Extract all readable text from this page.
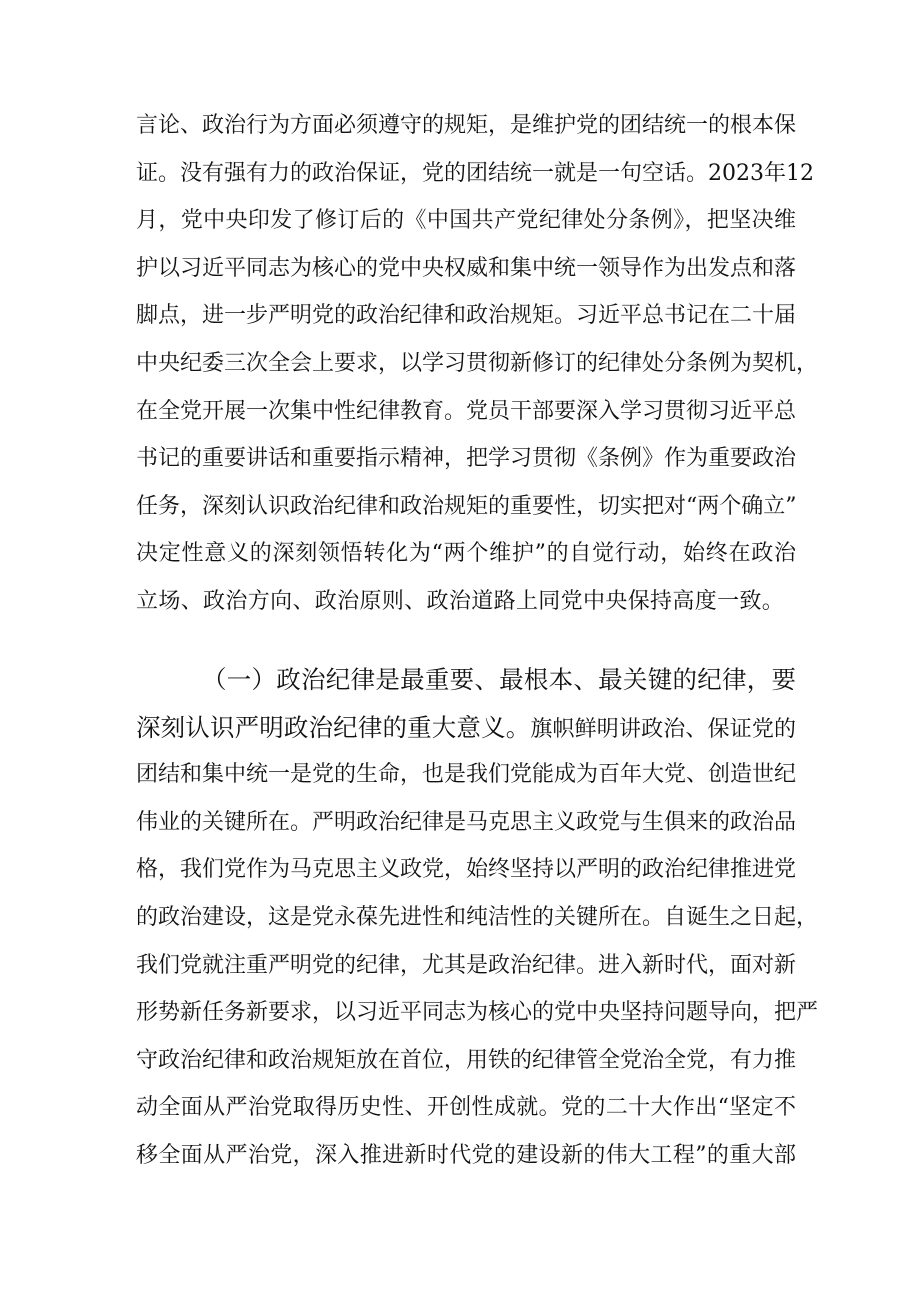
言论、政治行为方面必须遵守的规矩，是维护党的团结统一的根本保
证。没有强有力的政治保证，党的团结统一就是一句空话。2023年12
月，党中央印发了修订后的《中国共产党纪律处分条例》，把坚决维
护以习近平同志为核心的党中央权威和集中统一领导作为出发点和落
脚点，进一步严明党的政治纪律和政治规矩。习近平总书记在二十届
中央纪委三次全会上要求，以学习贯彻新修订的纪律处分条例为契机，
在全党开展一次集中性纪律教育。党员干部要深入学习贯彻习近平总
书记的重要讲话和重要指示精神，把学习贯彻《条例》作为重要政治
任务，深刻认识政治纪律和政治规矩的重要性，切实把对“两个确立”
决定性意义的深刻领悟转化为“两个维护”的自觉行动，始终在政治
立场、政治方向、政治原则、政治道路上同党中央保持高度一致。
（一）政治纪律是最重要、最根本、最关键的纪律，要
深刻认识严明政治纪律的重大意义。旗帜鲜明讲政治、保证党的
团结和集中统一是党的生命，也是我们党能成为百年大党、创造世纪
伟业的关键所在。严明政治纪律是马克思主义政党与生俱来的政治品
格，我们党作为马克思主义政党，始终坚持以严明的政治纪律推进党
的政治建设，这是党永葆先进性和纯洁性的关键所在。自诞生之日起，
我们党就注重严明党的纪律，尤其是政治纪律。进入新时代，面对新
形势新任务新要求，以习近平同志为核心的党中央坚持问题导向，把严
守政治纪律和政治规矩放在首位，用铁的纪律管全党治全党，有力推
动全面从严治党取得历史性、开创性成就。党的二十大作出“坚定不
移全面从严治党，深入推进新时代党的建设新的伟大工程”的重大部
